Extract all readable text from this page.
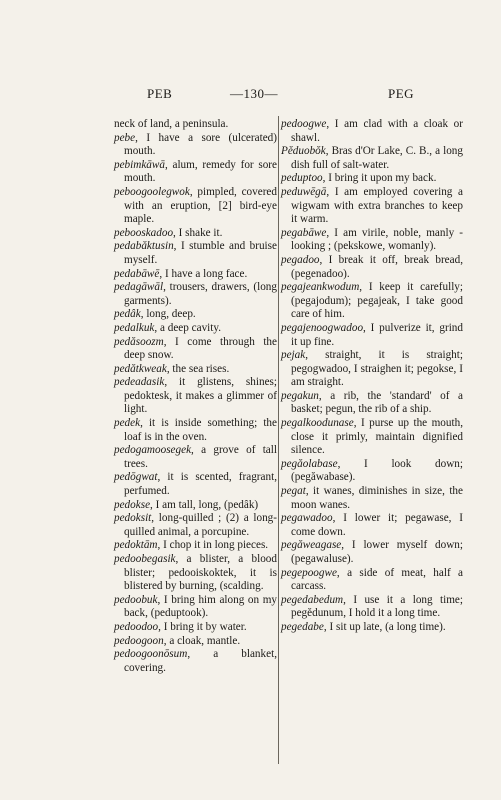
PEB	—130—	PEG

neck of land, a peninsula.

pebe, I have a sore (ulcerated) mouth.

pebimkāwā, alum, remedy for sore mouth.

peboogoolegwok, pimpled, covered with an eruption, [2] bird-eye maple.

pebooskadoo, I shake it.

pedabăktusin, I stumble and bruise myself.

pedabāwē, I have a long face.

pedagāwāl, trousers, drawers, (long garments).

pedâk, long, deep.

pedalkuk, a deep cavity.

pedăsoozm, I come through the deep snow.

pedătkweak, the sea rises.

pedeadasik, it glistens, shines; pedoktesk, it makes a glimmer of light.

pedek, it is inside something; the loaf is in the oven.

pedogamoosegek, a grove of tall trees.

pedōgwat, it is scented, fragrant, perfumed.

pedokse, I am tall, long, (pedâk)

pedoksit, long-quilled ; (2) a long-quilled animal, a porcupine.

pedoktām, I chop it in long pieces.

pedoobegasik, a blister, a blood blister; pedooiskoktek, it is blistered by burning, (scalding.

pedoobuk, I bring him along on my back, (peduptook).

pedoodoo, I bring it by water.

pedoogoon, a cloak, mantle.

pedoogoonōsum, a blanket, covering.

pedoogwe, I am clad with a cloak or shawl.

Pĕduobŏk, Bras d'Or Lake, C. B., a long dish full of salt-water.

peduptoo, I bring it upon my back.

peduwēgā, I am employed covering a wigwam with extra branches to keep it warm.

pegabāwe, I am virile, noble, manly - looking ; (pekskowe, womanly).

pegadoo, I break it off, break bread, (pegenadoo).

pegajeankwodum, I keep it carefully; (pegajodum); pegajeak, I take good care of him.

pegajenoogwadoo, I pulverize it, grind it up fine.

pejak, straight, it is straight; pegogwadoo, I straighen it; pegokse, I am straight.

pegakun, a rib, the 'standard' of a basket; pegun, the rib of a ship.

pegalkoodunase, I purse up the mouth, close it primly, maintain dignified silence.

pegăolabase, I look down; (pegăwabase).

pegat, it wanes, diminishes in size, the moon wanes.

pegawadoo, I lower it; pegawase, I come down.

pegăweagase, I lower myself down; (pegawaluse).

pegepoogwe, a side of meat, half a carcass.

pegedabedum, I use it a long time; pegĕdunum, I hold it a long time.

pegedabe, I sit up late, (a long time).
